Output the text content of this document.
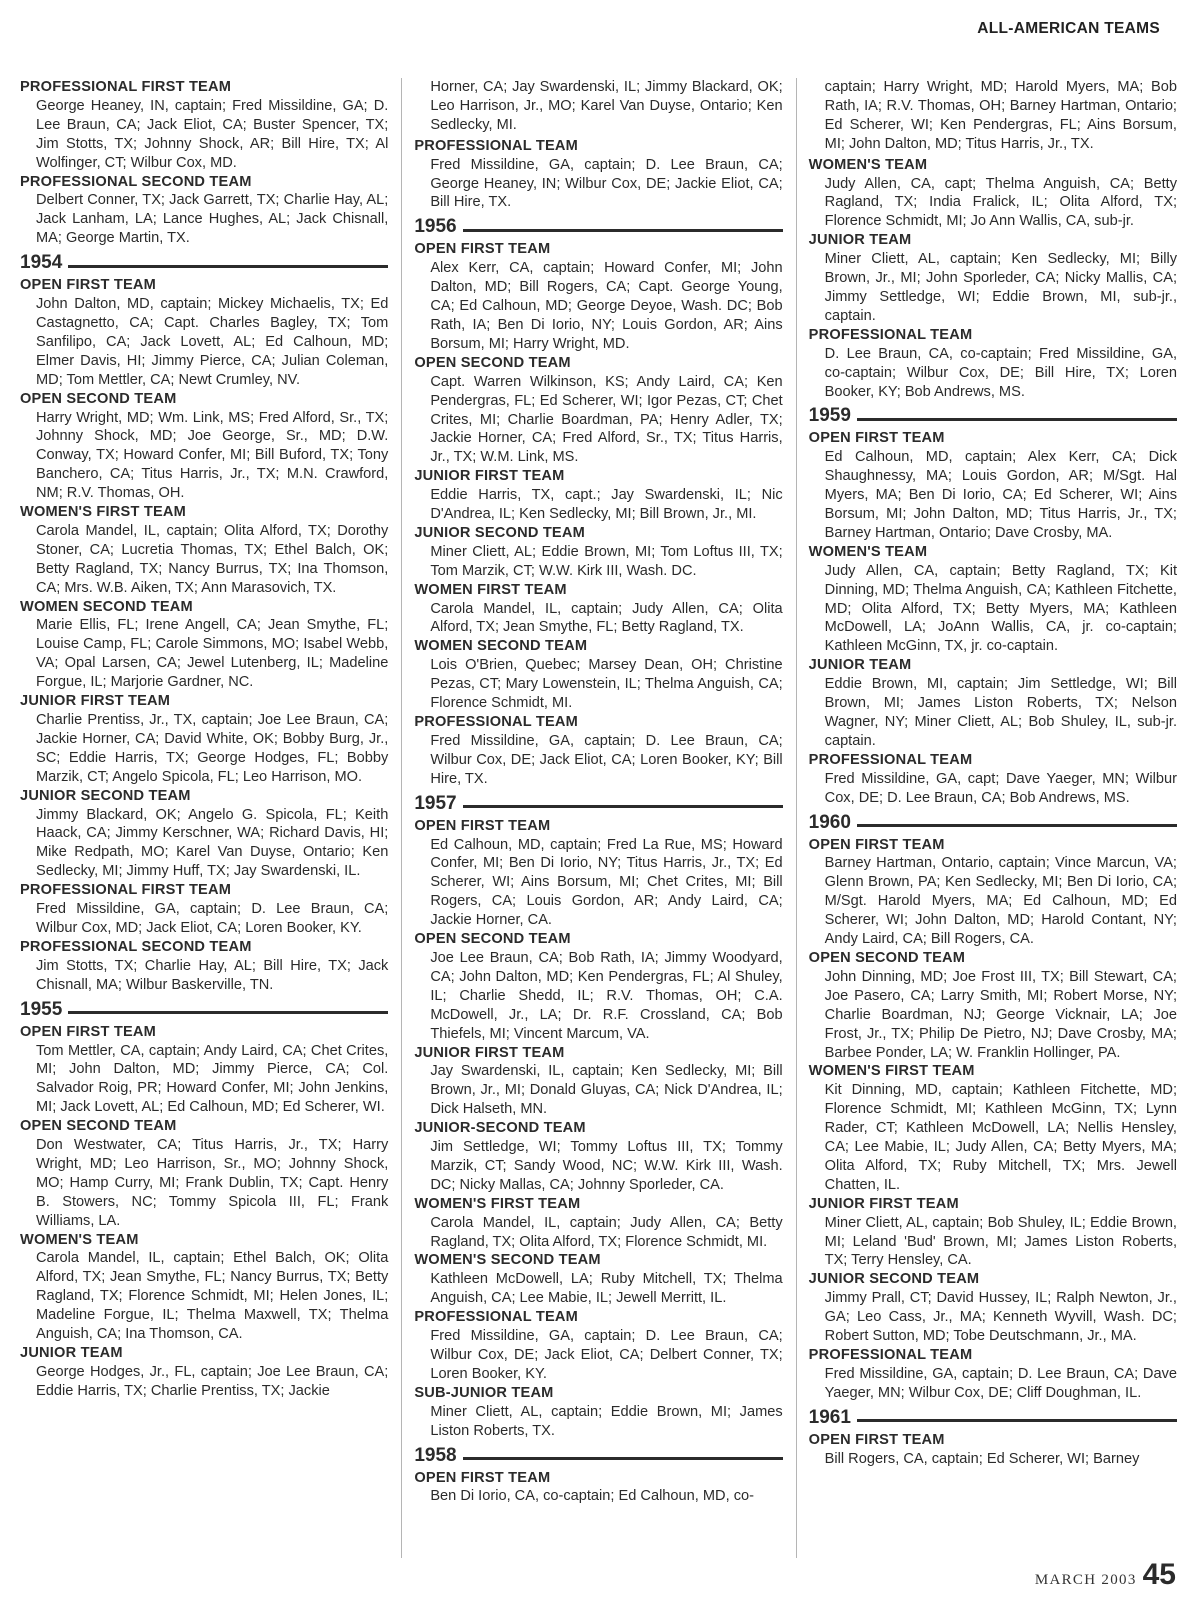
ALL-AMERICAN TEAMS
PROFESSIONAL FIRST TEAM
George Heaney, IN, captain; Fred Missildine, GA; D. Lee Braun, CA; Jack Eliot, CA; Buster Spencer, TX; Jim Stotts, TX; Johnny Shock, AR; Bill Hire, TX; Al Wolfinger, CT; Wilbur Cox, MD.
PROFESSIONAL SECOND TEAM
Delbert Conner, TX; Jack Garrett, TX; Charlie Hay, AL; Jack Lanham, LA; Lance Hughes, AL; Jack Chisnall, MA; George Martin, TX.
1954
OPEN FIRST TEAM
John Dalton, MD, captain; Mickey Michaelis, TX; Ed Castagnetto, CA; Capt. Charles Bagley, TX; Tom Sanfilipo, CA; Jack Lovett, AL; Ed Calhoun, MD; Elmer Davis, HI; Jimmy Pierce, CA; Julian Coleman, MD; Tom Mettler, CA; Newt Crumley, NV.
OPEN SECOND TEAM
Harry Wright, MD; Wm. Link, MS; Fred Alford, Sr., TX; Johnny Shock, MD; Joe George, Sr., MD; D.W. Conway, TX; Howard Confer, MI; Bill Buford, TX; Tony Banchero, CA; Titus Harris, Jr., TX; M.N. Crawford, NM; R.V. Thomas, OH.
WOMEN'S FIRST TEAM
Carola Mandel, IL, captain; Olita Alford, TX; Dorothy Stoner, CA; Lucretia Thomas, TX; Ethel Balch, OK; Betty Ragland, TX; Nancy Burrus, TX; Ina Thomson, CA; Mrs. W.B. Aiken, TX; Ann Marasovich, TX.
WOMEN SECOND TEAM
Marie Ellis, FL; Irene Angell, CA; Jean Smythe, FL; Louise Camp, FL; Carole Simmons, MO; Isabel Webb, VA; Opal Larsen, CA; Jewel Lutenberg, IL; Madeline Forgue, IL; Marjorie Gardner, NC.
JUNIOR FIRST TEAM
Charlie Prentiss, Jr., TX, captain; Joe Lee Braun, CA; Jackie Horner, CA; David White, OK; Bobby Burg, Jr., SC; Eddie Harris, TX; George Hodges, FL; Bobby Marzik, CT; Angelo Spicola, FL; Leo Harrison, MO.
JUNIOR SECOND TEAM
Jimmy Blackard, OK; Angelo G. Spicola, FL; Keith Haack, CA; Jimmy Kerschner, WA; Richard Davis, HI; Mike Redpath, MO; Karel Van Duyse, Ontario; Ken Sedlecky, MI; Jimmy Huff, TX; Jay Swardenski, IL.
PROFESSIONAL FIRST TEAM
Fred Missildine, GA, captain; D. Lee Braun, CA; Wilbur Cox, MD; Jack Eliot, CA; Loren Booker, KY.
PROFESSIONAL SECOND TEAM
Jim Stotts, TX; Charlie Hay, AL; Bill Hire, TX; Jack Chisnall, MA; Wilbur Baskerville, TN.
1955
OPEN FIRST TEAM
Tom Mettler, CA, captain; Andy Laird, CA; Chet Crites, MI; John Dalton, MD; Jimmy Pierce, CA; Col. Salvador Roig, PR; Howard Confer, MI; John Jenkins, MI; Jack Lovett, AL; Ed Calhoun, MD; Ed Scherer, WI.
OPEN SECOND TEAM
Don Westwater, CA; Titus Harris, Jr., TX; Harry Wright, MD; Leo Harrison, Sr., MO; Johnny Shock, MO; Hamp Curry, MI; Frank Dublin, TX; Capt. Henry B. Stowers, NC; Tommy Spicola III, FL; Frank Williams, LA.
WOMEN'S TEAM
Carola Mandel, IL, captain; Ethel Balch, OK; Olita Alford, TX; Jean Smythe, FL; Nancy Burrus, TX; Betty Ragland, TX; Florence Schmidt, MI; Helen Jones, IL; Madeline Forgue, IL; Thelma Maxwell, TX; Thelma Anguish, CA; Ina Thomson, CA.
JUNIOR TEAM
George Hodges, Jr., FL, captain; Joe Lee Braun, CA; Eddie Harris, TX; Charlie Prentiss, TX; Jackie
Horner, CA; Jay Swardenski, IL; Jimmy Blackard, OK; Leo Harrison, Jr., MO; Karel Van Duyse, Ontario; Ken Sedlecky, MI.
PROFESSIONAL TEAM
Fred Missildine, GA, captain; D. Lee Braun, CA; George Heaney, IN; Wilbur Cox, DE; Jackie Eliot, CA; Bill Hire, TX.
1956
OPEN FIRST TEAM
Alex Kerr, CA, captain; Howard Confer, MI; John Dalton, MD; Bill Rogers, CA; Capt. George Young, CA; Ed Calhoun, MD; George Deyoe, Wash. DC; Bob Rath, IA; Ben Di Iorio, NY; Louis Gordon, AR; Ains Borsum, MI; Harry Wright, MD.
OPEN SECOND TEAM
Capt. Warren Wilkinson, KS; Andy Laird, CA; Ken Pendergras, FL; Ed Scherer, WI; Igor Pezas, CT; Chet Crites, MI; Charlie Boardman, PA; Henry Adler, TX; Jackie Horner, CA; Fred Alford, Sr., TX; Titus Harris, Jr., TX; W.M. Link, MS.
JUNIOR FIRST TEAM
Eddie Harris, TX, capt.; Jay Swardenski, IL; Nic D'Andrea, IL; Ken Sedlecky, MI; Bill Brown, Jr., MI.
JUNIOR SECOND TEAM
Miner Cliett, AL; Eddie Brown, MI; Tom Loftus III, TX; Tom Marzik, CT; W.W. Kirk III, Wash. DC.
WOMEN FIRST TEAM
Carola Mandel, IL, captain; Judy Allen, CA; Olita Alford, TX; Jean Smythe, FL; Betty Ragland, TX.
WOMEN SECOND TEAM
Lois O'Brien, Quebec; Marsey Dean, OH; Christine Pezas, CT; Mary Lowenstein, IL; Thelma Anguish, CA; Florence Schmidt, MI.
PROFESSIONAL TEAM
Fred Missildine, GA, captain; D. Lee Braun, CA; Wilbur Cox, DE; Jack Eliot, CA; Loren Booker, KY; Bill Hire, TX.
1957
OPEN FIRST TEAM
Ed Calhoun, MD, captain; Fred La Rue, MS; Howard Confer, MI; Ben Di Iorio, NY; Titus Harris, Jr., TX; Ed Scherer, WI; Ains Borsum, MI; Chet Crites, MI; Bill Rogers, CA; Louis Gordon, AR; Andy Laird, CA; Jackie Horner, CA.
OPEN SECOND TEAM
Joe Lee Braun, CA; Bob Rath, IA; Jimmy Woodyard, CA; John Dalton, MD; Ken Pendergras, FL; Al Shuley, IL; Charlie Shedd, IL; R.V. Thomas, OH; C.A. McDowell, Jr., LA; Dr. R.F. Crossland, CA; Bob Thiefels, MI; Vincent Marcum, VA.
JUNIOR FIRST TEAM
Jay Swardenski, IL, captain; Ken Sedlecky, MI; Bill Brown, Jr., MI; Donald Gluyas, CA; Nick D'Andrea, IL; Dick Halseth, MN.
JUNIOR-SECOND TEAM
Jim Settledge, WI; Tommy Loftus III, TX; Tommy Marzik, CT; Sandy Wood, NC; W.W. Kirk III, Wash. DC; Nicky Mallas, CA; Johnny Sporleder, CA.
WOMEN'S FIRST TEAM
Carola Mandel, IL, captain; Judy Allen, CA; Betty Ragland, TX; Olita Alford, TX; Florence Schmidt, MI.
WOMEN'S SECOND TEAM
Kathleen McDowell, LA; Ruby Mitchell, TX; Thelma Anguish, CA; Lee Mabie, IL; Jewell Merritt, IL.
PROFESSIONAL TEAM
Fred Missildine, GA, captain; D. Lee Braun, CA; Wilbur Cox, DE; Jack Eliot, CA; Delbert Conner, TX; Loren Booker, KY.
SUB-JUNIOR TEAM
Miner Cliett, AL, captain; Eddie Brown, MI; James Liston Roberts, TX.
1958
OPEN FIRST TEAM
Ben Di Iorio, CA, co-captain; Ed Calhoun, MD, co-
captain; Harry Wright, MD; Harold Myers, MA; Bob Rath, IA; R.V. Thomas, OH; Barney Hartman, Ontario; Ed Scherer, WI; Ken Pendergras, FL; Ains Borsum, MI; John Dalton, MD; Titus Harris, Jr., TX.
WOMEN'S TEAM
Judy Allen, CA, capt; Thelma Anguish, CA; Betty Ragland, TX; India Fralick, IL; Olita Alford, TX; Florence Schmidt, MI; Jo Ann Wallis, CA, sub-jr.
JUNIOR TEAM
Miner Cliett, AL, captain; Ken Sedlecky, MI; Billy Brown, Jr., MI; John Sporleder, CA; Nicky Mallis, CA; Jimmy Settledge, WI; Eddie Brown, MI, sub-jr., captain.
PROFESSIONAL TEAM
D. Lee Braun, CA, co-captain; Fred Missildine, GA, co-captain; Wilbur Cox, DE; Bill Hire, TX; Loren Booker, KY; Bob Andrews, MS.
1959
OPEN FIRST TEAM
Ed Calhoun, MD, captain; Alex Kerr, CA; Dick Shaughnessy, MA; Louis Gordon, AR; M/Sgt. Hal Myers, MA; Ben Di Iorio, CA; Ed Scherer, WI; Ains Borsum, MI; John Dalton, MD; Titus Harris, Jr., TX; Barney Hartman, Ontario; Dave Crosby, MA.
WOMEN'S TEAM
Judy Allen, CA, captain; Betty Ragland, TX; Kit Dinning, MD; Thelma Anguish, CA; Kathleen Fitchette, MD; Olita Alford, TX; Betty Myers, MA; Kathleen McDowell, LA; JoAnn Wallis, CA, jr. co-captain; Kathleen McGinn, TX, jr. co-captain.
JUNIOR TEAM
Eddie Brown, MI, captain; Jim Settledge, WI; Bill Brown, MI; James Liston Roberts, TX; Nelson Wagner, NY; Miner Cliett, AL; Bob Shuley, IL, sub-jr. captain.
PROFESSIONAL TEAM
Fred Missildine, GA, capt; Dave Yaeger, MN; Wilbur Cox, DE; D. Lee Braun, CA; Bob Andrews, MS.
1960
OPEN FIRST TEAM
Barney Hartman, Ontario, captain; Vince Marcun, VA; Glenn Brown, PA; Ken Sedlecky, MI; Ben Di Iorio, CA; M/Sgt. Harold Myers, MA; Ed Calhoun, MD; Ed Scherer, WI; John Dalton, MD; Harold Contant, NY; Andy Laird, CA; Bill Rogers, CA.
OPEN SECOND TEAM
John Dinning, MD; Joe Frost III, TX; Bill Stewart, CA; Joe Pasero, CA; Larry Smith, MI; Robert Morse, NY; Charlie Boardman, NJ; George Vicknair, LA; Joe Frost, Jr., TX; Philip De Pietro, NJ; Dave Crosby, MA; Barbee Ponder, LA; W. Franklin Hollinger, PA.
WOMEN'S FIRST TEAM
Kit Dinning, MD, captain; Kathleen Fitchette, MD; Florence Schmidt, MI; Kathleen McGinn, TX; Lynn Rader, CT; Kathleen McDowell, LA; Nellis Hensley, CA; Lee Mabie, IL; Judy Allen, CA; Betty Myers, MA; Olita Alford, TX; Ruby Mitchell, TX; Mrs. Jewell Chatten, IL.
JUNIOR FIRST TEAM
Miner Cliett, AL, captain; Bob Shuley, IL; Eddie Brown, MI; Leland 'Bud' Brown, MI; James Liston Roberts, TX; Terry Hensley, CA.
JUNIOR SECOND TEAM
Jimmy Prall, CT; David Hussey, IL; Ralph Newton, Jr., GA; Leo Cass, Jr., MA; Kenneth Wyvill, Wash. DC; Robert Sutton, MD; Tobe Deutschmann, Jr., MA.
PROFESSIONAL TEAM
Fred Missildine, GA, captain; D. Lee Braun, CA; Dave Yaeger, MN; Wilbur Cox, DE; Cliff Doughman, IL.
1961
OPEN FIRST TEAM
Bill Rogers, CA, captain; Ed Scherer, WI; Barney
MARCH 2003 45
